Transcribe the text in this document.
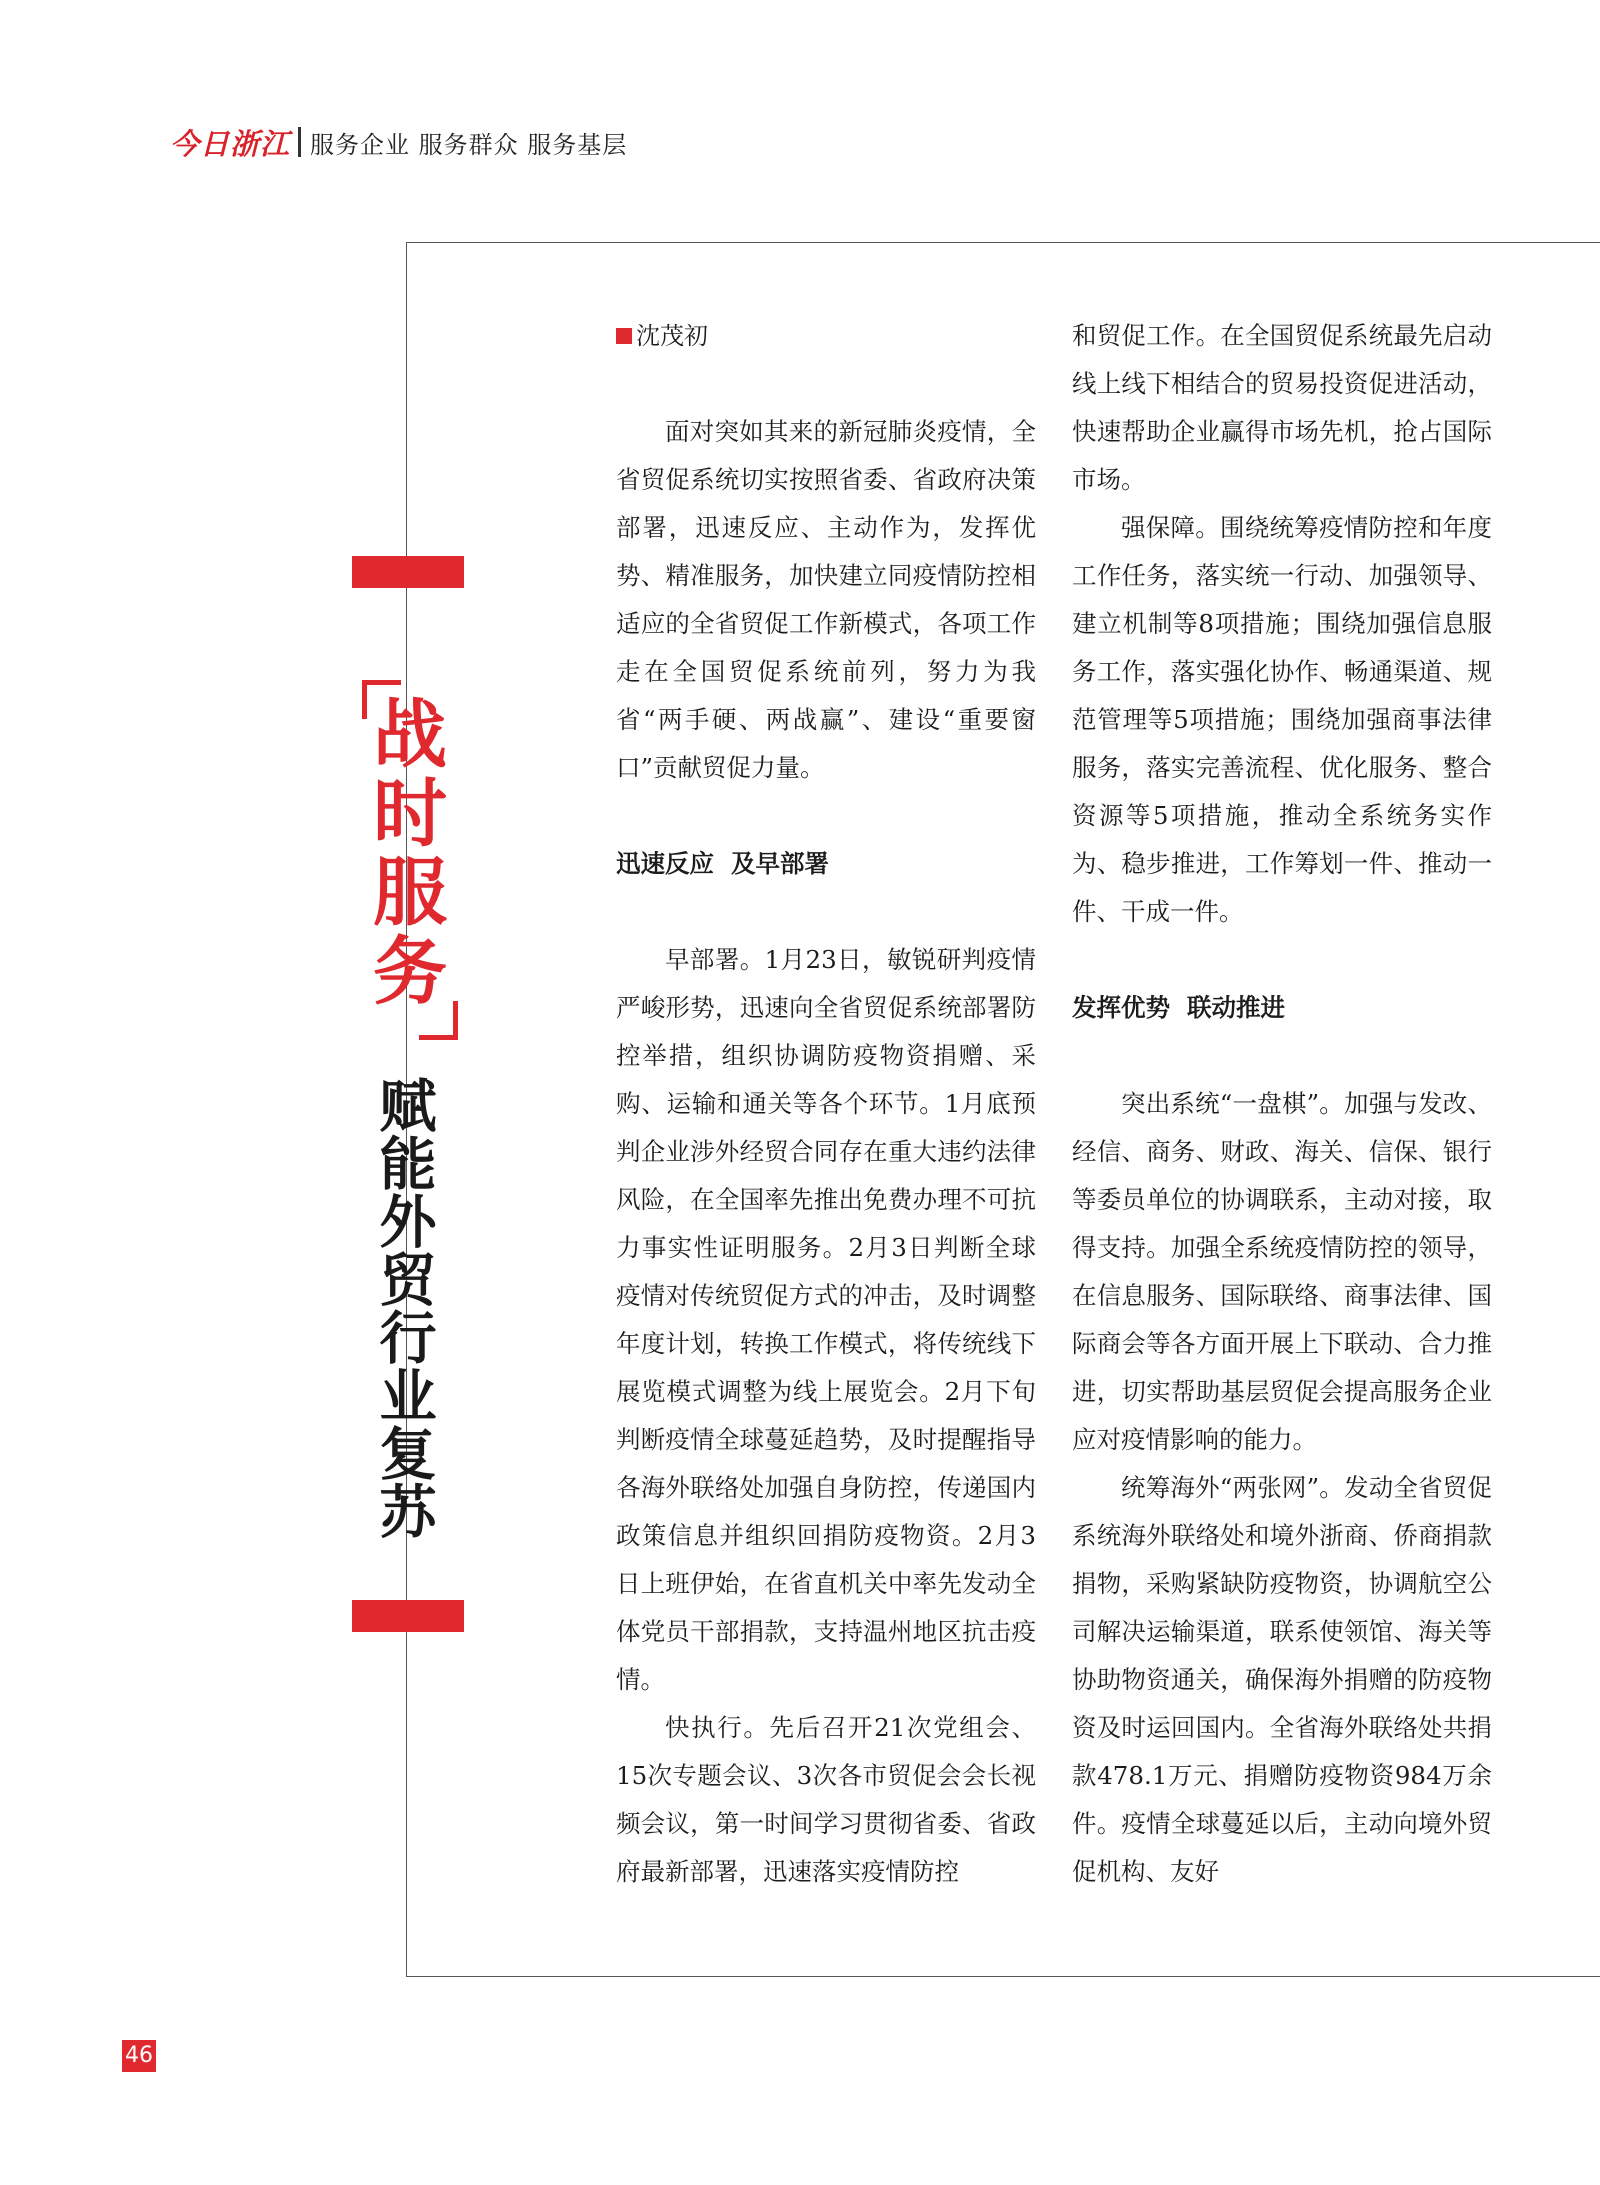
今日浙江 服务企业 服务群众 服务基层
战
时
服
务
赋
能
外
贸
行
业
复
苏

沈茂初

面对突如其来的新冠肺炎疫情，全省贸促系统切实按照省委、省政府决策部署，迅速反应、主动作为，发挥优势、精准服务，加快建立同疫情防控相适应的全省贸促工作新模式，各项工作走在全国贸促系统前列，努力为我省“两手硬、两战赢”、建设“重要窗口”贡献贸促力量。

迅速反应  及早部署

早部署。1月23日，敏锐研判疫情严峻形势，迅速向全省贸促系统部署防控举措，组织协调防疫物资捐赠、采购、运输和通关等各个环节。1月底预判企业涉外经贸合同存在重大违约法律风险，在全国率先推出免费办理不可抗力事实性证明服务。2月3日判断全球疫情对传统贸促方式的冲击，及时调整年度计划，转换工作模式，将传统线下展览模式调整为线上展览会。2月下旬判断疫情全球蔓延趋势，及时提醒指导各海外联络处加强自身防控，传递国内政策信息并组织回捐防疫物资。2月3日上班伊始，在省直机关中率先发动全体党员干部捐款，支持温州地区抗击疫情。

快执行。先后召开21次党组会、15次专题会议、3次各市贸促会会长视频会议，第一时间学习贯彻省委、省政府最新部署，迅速落实疫情防控

和贸促工作。在全国贸促系统最先启动线上线下相结合的贸易投资促进活动，快速帮助企业赢得市场先机，抢占国际市场。

强保障。围绕统筹疫情防控和年度工作任务，落实统一行动、加强领导、建立机制等8项措施；围绕加强信息服务工作，落实强化协作、畅通渠道、规范管理等5项措施；围绕加强商事法律服务，落实完善流程、优化服务、整合资源等5项措施，推动全系统务实作为、稳步推进，工作筹划一件、推动一件、干成一件。

发挥优势  联动推进

突出系统“一盘棋”。加强与发改、经信、商务、财政、海关、信保、银行等委员单位的协调联系，主动对接，取得支持。加强全系统疫情防控的领导，在信息服务、国际联络、商事法律、国际商会等各方面开展上下联动、合力推进，切实帮助基层贸促会提高服务企业应对疫情影响的能力。

统筹海外“两张网”。发动全省贸促系统海外联络处和境外浙商、侨商捐款捐物，采购紧缺防疫物资，协调航空公司解决运输渠道，联系使领馆、海关等协助物资通关，确保海外捐赠的防疫物资及时运回国内。全省海外联络处共捐款478.1万元、捐赠防疫物资984万余件。疫情全球蔓延以后，主动向境外贸促机构、友好

46
